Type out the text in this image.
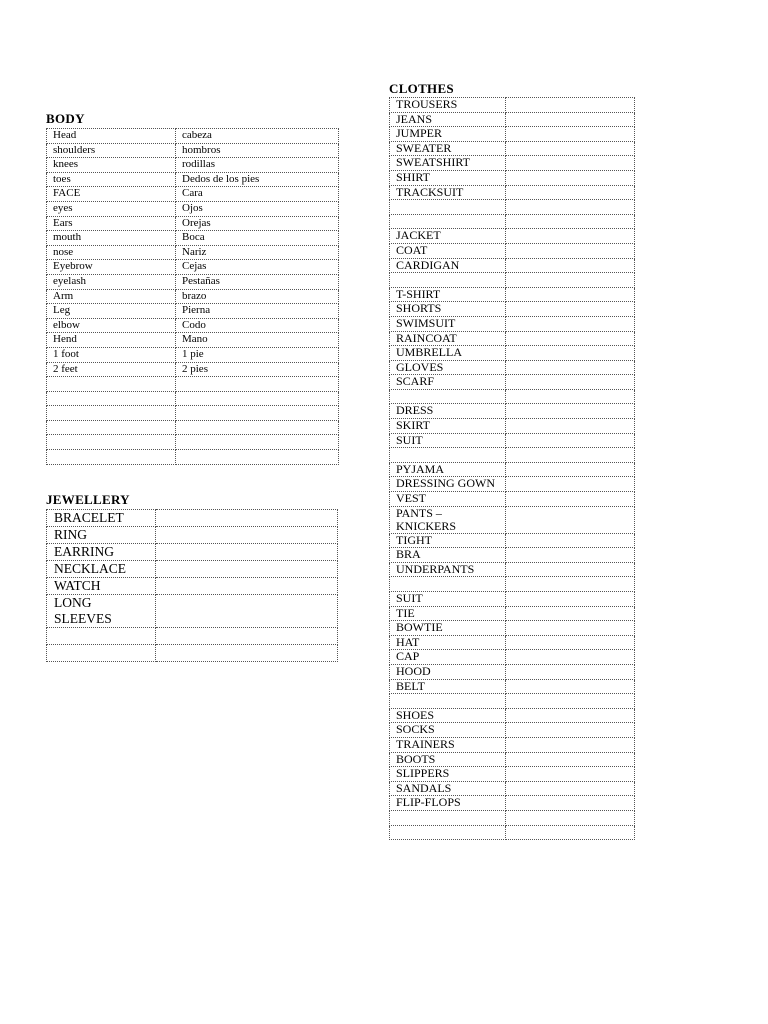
BODY
Head	cabeza
shoulders	hombros
knees	rodillas
toes	Dedos de los pies
FACE	Cara
eyes	Ojos
Ears	Orejas
mouth	Boca
nose	Nariz
Eyebrow	Cejas
eyelash	Pestañas
Arm	brazo
Leg	Pierna
elbow	Codo
Hend	Mano
1 foot	1 pie
2 feet	2 pies

JEWELLERY
BRACELET	
RING	
EARRING	
NECKLACE	
WATCH	
LONG SLEEVES	

CLOTHES
TROUSERS	
JEANS	
JUMPER	
SWEATER	
SWEATSHIRT	
SHIRT	
TRACKSUIT	

JACKET	
COAT	
CARDIGAN	

T-SHIRT	
SHORTS	
SWIMSUIT	
RAINCOAT	
UMBRELLA	
GLOVES	
SCARF	

DRESS	
SKIRT	
SUIT	

PYJAMA	
DRESSING GOWN	
VEST	
PANTS – KNICKERS	
TIGHT	
BRA	
UNDERPANTS	

SUIT	
TIE	
BOWTIE	
HAT	
CAP	
HOOD	
BELT	

SHOES	
SOCKS	
TRAINERS	
BOOTS	
SLIPPERS	
SANDALS	
FLIP-FLOPS	
